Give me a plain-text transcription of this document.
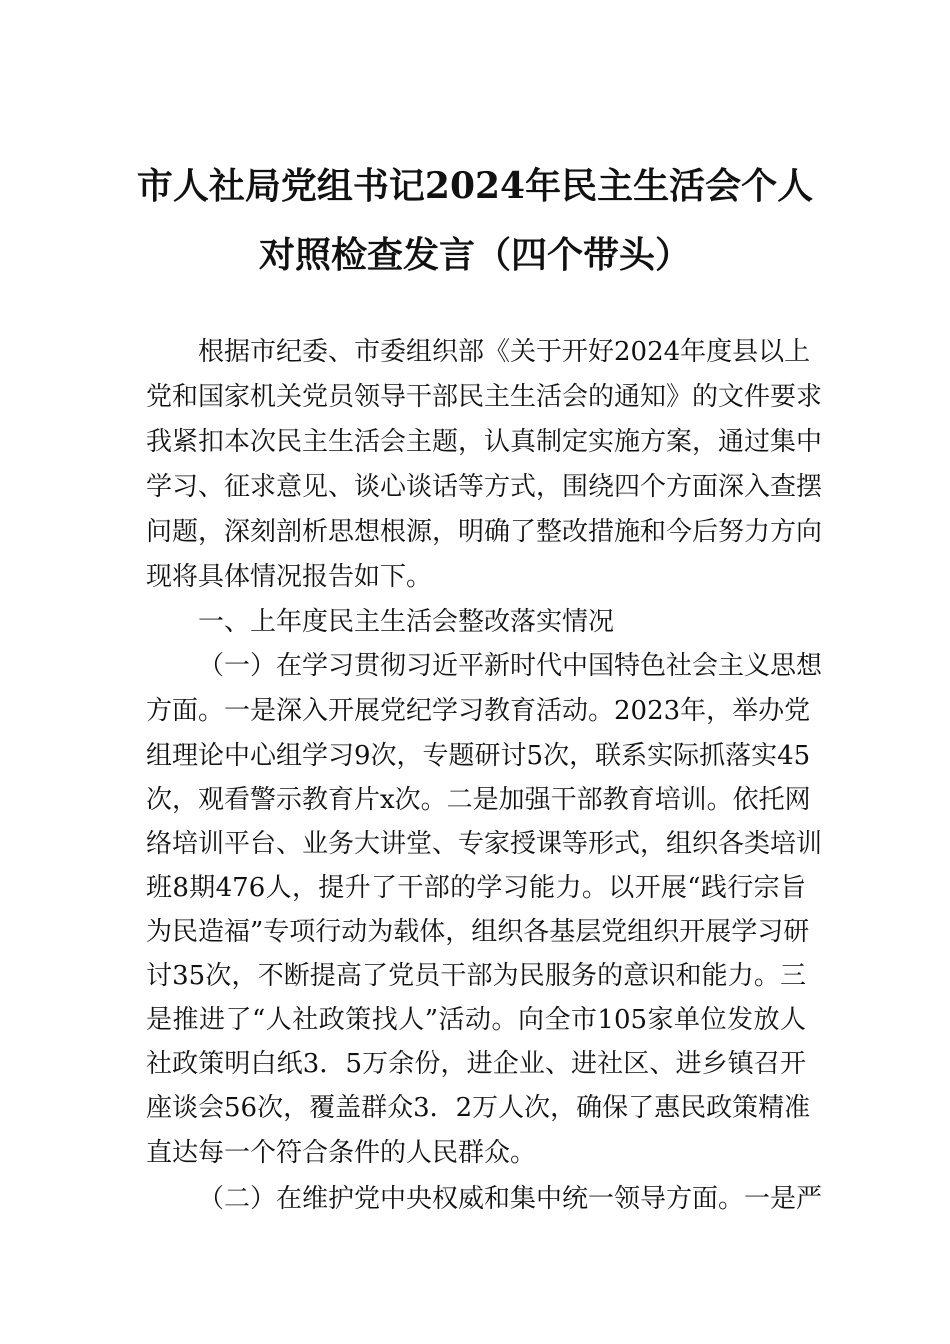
市人社局党组书记2024年民主生活会个人
对照检查发言（四个带头）
根据市纪委、市委组织部《关于开好2024年度县以上
党和国家机关党员领导干部民主生活会的通知》的文件要求
我紧扣本次民主生活会主题，认真制定实施方案，通过集中
学习、征求意见、谈心谈话等方式，围绕四个方面深入查摆
问题，深刻剖析思想根源，明确了整改措施和今后努力方向
现将具体情况报告如下。
一、上年度民主生活会整改落实情况
（一）在学习贯彻习近平新时代中国特色社会主义思想
方面。一是深入开展党纪学习教育活动。2023年，举办党
组理论中心组学习9次，专题研讨5次，联系实际抓落实45
次，观看警示教育片x次。二是加强干部教育培训。依托网
络培训平台、业务大讲堂、专家授课等形式，组织各类培训
班8期476人，提升了干部的学习能力。以开展“践行宗旨
为民造福”专项行动为载体，组织各基层党组织开展学习研
讨35次，不断提高了党员干部为民服务的意识和能力。三
是推进了“人社政策找人”活动。向全市105家单位发放人
社政策明白纸3．5万余份，进企业、进社区、进乡镇召开
座谈会56次，覆盖群众3．2万人次，确保了惠民政策精准
直达每一个符合条件的人民群众。
（二）在维护党中央权威和集中统一领导方面。一是严
